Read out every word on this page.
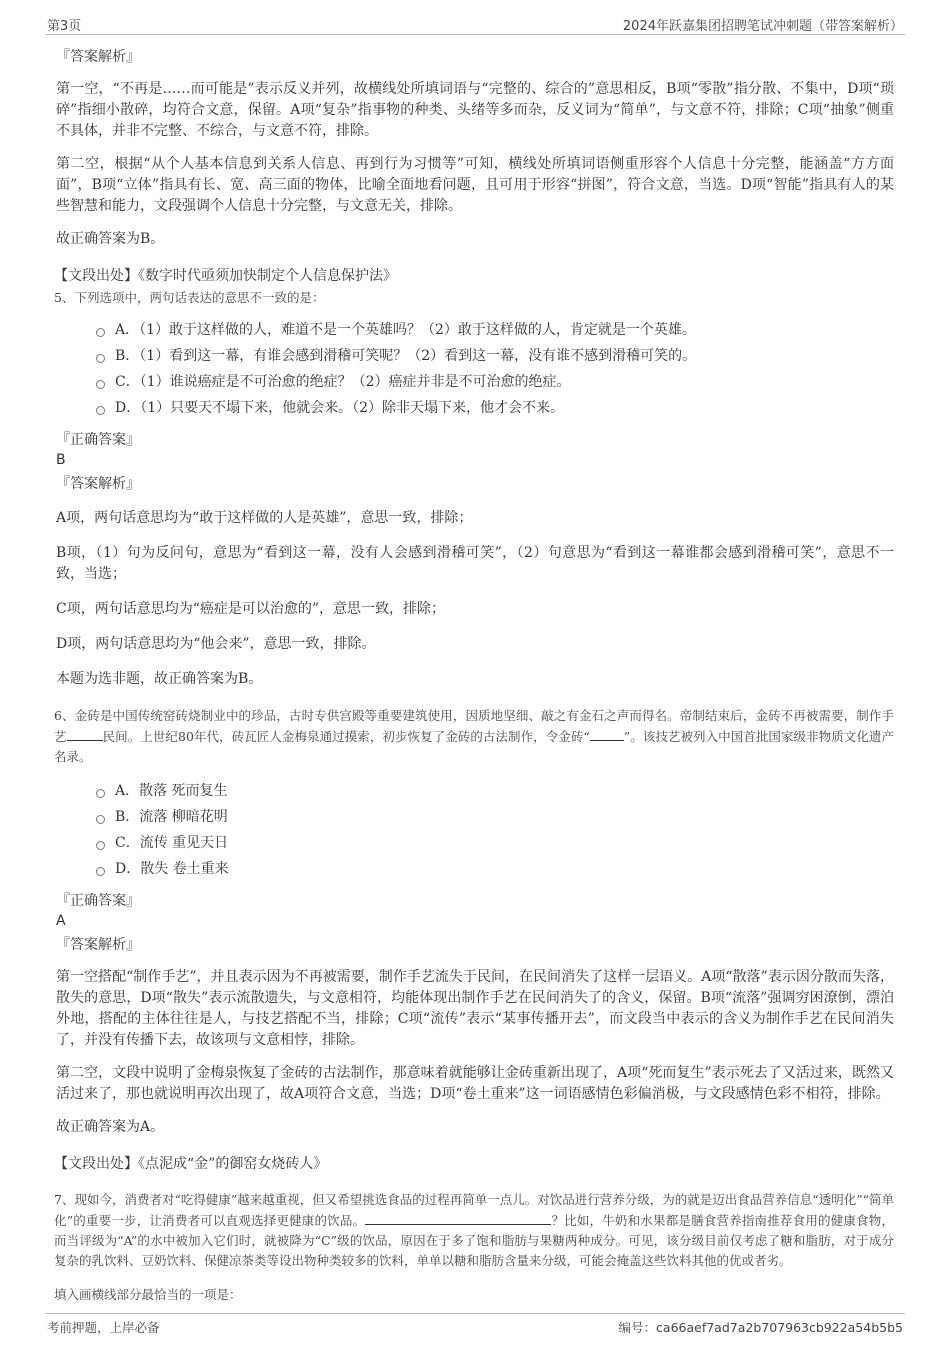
第3页	2024年跃嘉集团招聘笔试冲刺题（带答案解析）
『答案解析』
第一空，“不再是……而可能是”表示反义并列，故横线处所填词语与“完整的、综合的”意思相反，B项“零散”指分散、不集中，D项“琐碎”指细小散碎，均符合文意，保留。A项“复杂”指事物的种类、头绪等多而杂，反义词为“简单”，与文意不符，排除；C项“抽象”侧重不具体，并非不完整、不综合，与文意不符，排除。
第二空，根据“从个人基本信息到关系人信息、再到行为习惯等”可知，横线处所填词语侧重形容个人信息十分完整，能涵盖“方方面面”，B项“立体”指具有长、宽、高三面的物体，比喻全面地看问题，且可用于形容“拼图”，符合文意，当选。D项“智能”指具有人的某些智慧和能力，文段强调个人信息十分完整，与文意无关，排除。
故正确答案为B。
【文段出处】《数字时代亟须加快制定个人信息保护法》
5、下列选项中，两句话表达的意思不一致的是：
A．（1）敢于这样做的人，难道不是一个英雄吗？（2）敢于这样做的人，肯定就是一个英雄。
B．（1）看到这一幕，有谁会感到滑稽可笑呢？（2）看到这一幕，没有谁不感到滑稽可笑的。
C．（1）谁说癌症是不可治愈的绝症？（2）癌症并非是不可治愈的绝症。
D．（1）只要天不塌下来，他就会来。（2）除非天塌下来，他才会不来。
『正确答案』
B
『答案解析』
A项，两句话意思均为“敢于这样做的人是英雄”，意思一致，排除；
B项，（1）句为反问句，意思为“看到这一幕，没有人会感到滑稽可笑”，（2）句意思为“看到这一幕谁都会感到滑稽可笑”，意思不一致，当选；
C项，两句话意思均为“癌症是可以治愈的”，意思一致，排除；
D项，两句话意思均为“他会来”，意思一致，排除。
本题为选非题，故正确答案为B。
6、金砖是中国传统窑砖烧制业中的珍品，古时专供宫殿等重要建筑使用，因质地坚细、敲之有金石之声而得名。帝制结束后，金砖不再被需要，制作手艺	民间。上世纪80年代，砖瓦匠人金梅泉通过摸索，初步恢复了金砖的古法制作，令金砖“	”。该技艺被列入中国首批国家级非物质文化遗产名录。
A．散落 死而复生
B．流落 柳暗花明
C．流传 重见天日
D．散失 卷土重来
『正确答案』
A
『答案解析』
第一空搭配“制作手艺”，并且表示因为不再被需要，制作手艺流失于民间，在民间消失了这样一层语义。A项“散落”表示因分散而失落，散失的意思，D项“散失”表示流散遗失，与文意相符，均能体现出制作手艺在民间消失了的含义，保留。B项“流落”强调穷困潦倒，漂泊外地，搭配的主体往往是人，与技艺搭配不当，排除；C项“流传”表示“某事传播开去”，而文段当中表示的含义为制作手艺在民间消失了，并没有传播下去，故该项与文意相悖，排除。
第二空，文段中说明了金梅泉恢复了金砖的古法制作，那意味着就能够让金砖重新出现了，A项“死而复生”表示死去了又活过来，既然又活过来了，那也就说明再次出现了，故A项符合文意，当选；D项“卷土重来”这一词语感情色彩偏消极，与文段感情色彩不相符，排除。
故正确答案为A。
【文段出处】《点泥成“金”的御窑女烧砖人》
7、现如今，消费者对“吃得健康”越来越重视，但又希望挑选食品的过程再简单一点儿。对饮品进行营养分级，为的就是迈出食品营养信息“透明化”“简单化”的重要一步，让消费者可以直观选择更健康的饮品。	？比如，牛奶和水果都是膳食营养指南推荐食用的健康食物，而当评级为“A”的水中被加入它们时，就被降为“C”级的饮品，原因在于多了饱和脂肪与果糖两种成分。可见，该分级目前仅考虑了糖和脂肪，对于成分复杂的乳饮料、豆奶饮料、保健凉茶类等设出物种类较多的饮料，单单以糖和脂肪含量来分级，可能会掩盖这些饮料其他的优或者劣。
填入画横线部分最恰当的一项是：
考前押题，上岸必备	编号：ca66aef7ad7a2b707963cb922a54b5b5
